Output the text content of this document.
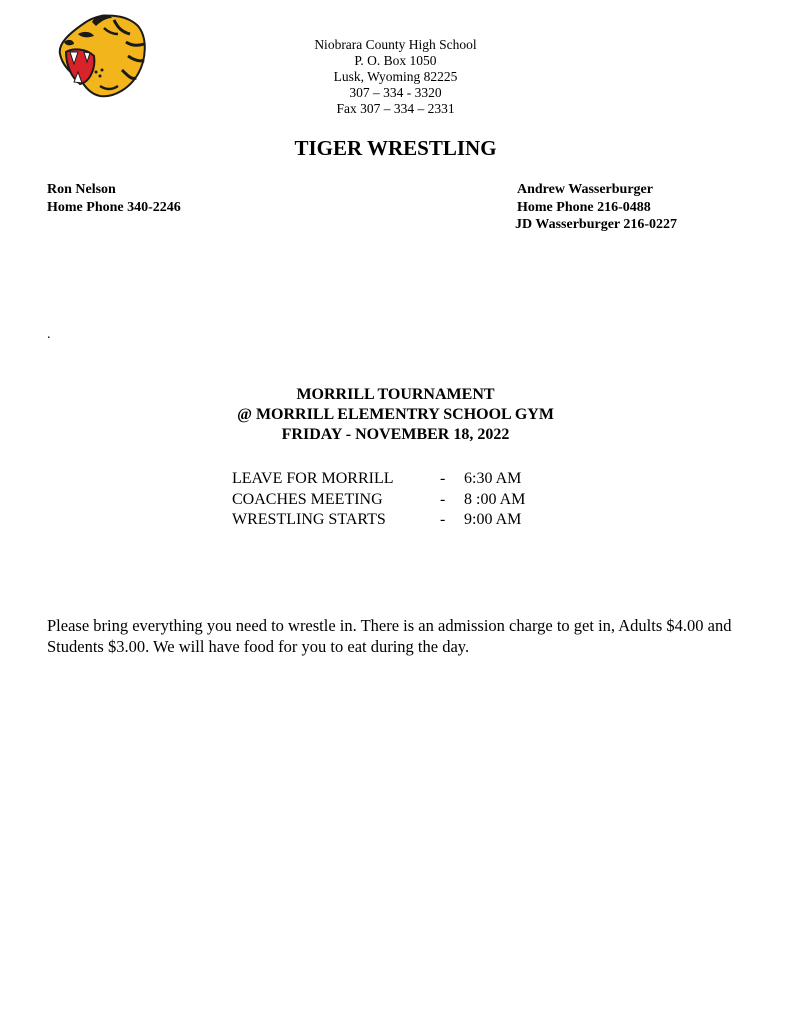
Niobrara County High School
P. O. Box 1050
Lusk, Wyoming 82225
307 – 334 - 3320
Fax 307 – 334 – 2331
TIGER WRESTLING
Ron Nelson
Home Phone 340-2246
Andrew Wasserburger
Home Phone 216-0488
JD Wasserburger 216-0227
.
MORRILL TOURNAMENT
@ MORRILL ELEMENTRY SCHOOL GYM
FRIDAY - NOVEMBER 18, 2022
LEAVE FOR MORRILL	-	6:30 AM
COACHES MEETING	-	8 :00 AM
WRESTLING STARTS	-	9:00 AM
Please bring everything you need to wrestle in. There is an admission charge to get in, Adults $4.00 and Students $3.00. We will have food for you to eat during the day.
